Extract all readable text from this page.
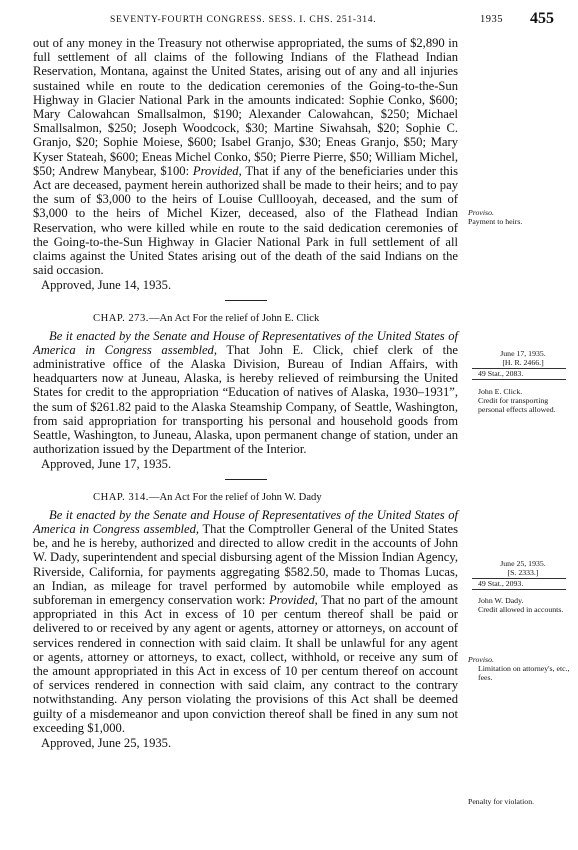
SEVENTY-FOURTH CONGRESS. SESS. I. CHS. 251-314.	1935 455

out of any money in the Treasury not otherwise appropriated, the sums of $2,890 in full settlement of all claims of the following Indians of the Flathead Indian Reservation, Montana, against the United States, arising out of any and all injuries sustained while en route to the dedication ceremonies of the Going-to-the-Sun Highway in Glacier National Park in the amounts indicated: Sophie Conko, $600; Mary Calowahcan Smallsalmon, $190; Alexander Calowahcan, $250; Michael Smallsalmon, $250; Joseph Woodcock, $30; Martine Siwahsah, $20; Sophie C. Granjo, $20; Sophie Moiese, $600; Isabel Granjo, $30; Eneas Granjo, $50; Mary Kyser Stateah, $600; Eneas Michel Conko, $50; Pierre Pierre, $50; William Michel, $50; Andrew Manybear, $100: Provided, That if any of the beneficiaries under this Act are deceased, payment herein authorized shall be made to their heirs; and to pay the sum of $3,000 to the heirs of Louise Culllooyah, deceased, and the sum of $3,000 to the heirs of Michel Kizer, deceased, also of the Flathead Indian Reservation, who were killed while en route to the said dedication ceremonies of the Going-to-the-Sun Highway in Glacier National Park in full settlement of all claims against the United States arising out of the death of the said Indians on the said occasion.

Approved, June 14, 1935.

CHAP. 273.—An Act For the relief of John E. Click

Be it enacted by the Senate and House of Representatives of the United States of America in Congress assembled, That John E. Click, chief clerk of the administrative office of the Alaska Division, Bureau of Indian Affairs, with headquarters now at Juneau, Alaska, is hereby relieved of reimbursing the United States for credit to the appropriation “Education of natives of Alaska, 1930–1931”, the sum of $261.82 paid to the Alaska Steamship Company, of Seattle, Washington, from said appropriation for transporting his personal and household goods from Seattle, Washington, to Juneau, Alaska, upon permanent change of station, under an authorization issued by the Department of the Interior.

Approved, June 17, 1935.

CHAP. 314.—An Act For the relief of John W. Dady

Be it enacted by the Senate and House of Representatives of the United States of America in Congress assembled, That the Comptroller General of the United States be, and he is hereby, authorized and directed to allow credit in the accounts of John W. Dady, superintendent and special disbursing agent of the Mission Indian Agency, Riverside, California, for payments aggregating $582.50, made to Thomas Lucas, an Indian, as mileage for travel performed by automobile while employed as subforeman in emergency conservation work: Provided, That no part of the amount appropriated in this Act in excess of 10 per centum thereof shall be paid or delivered to or received by any agent or agents, attorney or attorneys, on account of services rendered in connection with said claim. It shall be unlawful for any agent or agents, attorney or attorneys, to exact, collect, withhold, or receive any sum of the amount appropriated in this Act in excess of 10 per centum thereof on account of services rendered in connection with said claim, any contract to the contrary notwithstanding. Any person violating the provisions of this Act shall be deemed guilty of a misdemeanor and upon conviction thereof shall be fined in any sum not exceeding $1,000.

Approved, June 25, 1935.

Proviso.
Payment to heirs.
June 17, 1935.
[H. R. 2466.]
49 Stat., 2083.
John E. Click.
Credit for transporting personal effects allowed.
June 25, 1935.
[S. 2333.]
49 Stat., 2093.
John W. Dady.
Credit allowed in accounts.
Proviso.
Limitation on attorney's, etc., fees.
Penalty for violation.
